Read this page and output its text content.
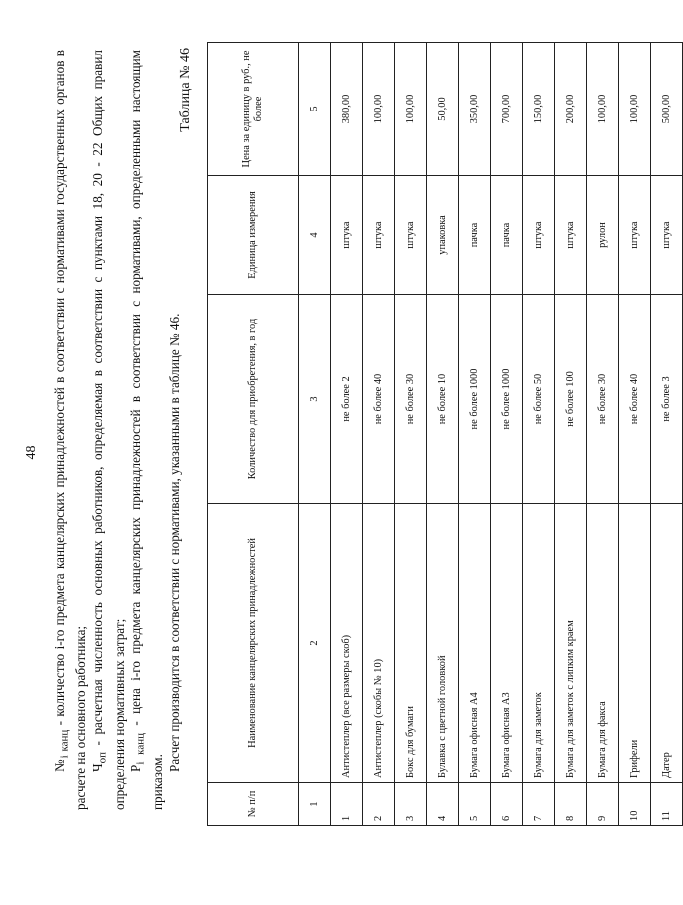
48

$№_{i канц}$ - количество i-го предмета канцелярских принадлежностей в соответствии с нормативами государственных органов в расчете на основного работника; $Ч_{оп}$ - расчетная численность основных работников, определяемая в соответствии с пунктами 18, 20 - 22 Общих правил определения нормативных затрат; $Р_{i канц}$ - цена i-го предмета канцелярских принадлежностей в соответствии с нормативами, определенными настоящим приказом.

Расчет производится в соответствии с нормативами, указанными в таблице № 46.

Таблица № 46
№ п/п	Наименование канцелярских принадлежностей	Количество для приобретения, в год	Единица измерения	Цена за единицу в руб., не более
1	2	3	4	5
1	Антистеплер (все размеры скоб)	не более 2	штука	380,00
2	Антистеплер (скобы № 10)	не более 40	штука	100,00
3	Бокс для бумаги	не более 30	штука	100,00
4	Булавка с цветной головкой	не более 10	упаковка	50,00
5	Бумага офисная А4	не более 1000	пачка	350,00
6	Бумага офисная А3	не более 1000	пачка	700,00
7	Бумага для заметок	не более 50	штука	150,00
8	Бумага для заметок с липким краем	не более 100	штука	200,00
9	Бумага для факса	не более 30	рулон	100,00
10	Грифели	не более 40	штука	100,00
11	Датер	не более 3	штука	500,00
